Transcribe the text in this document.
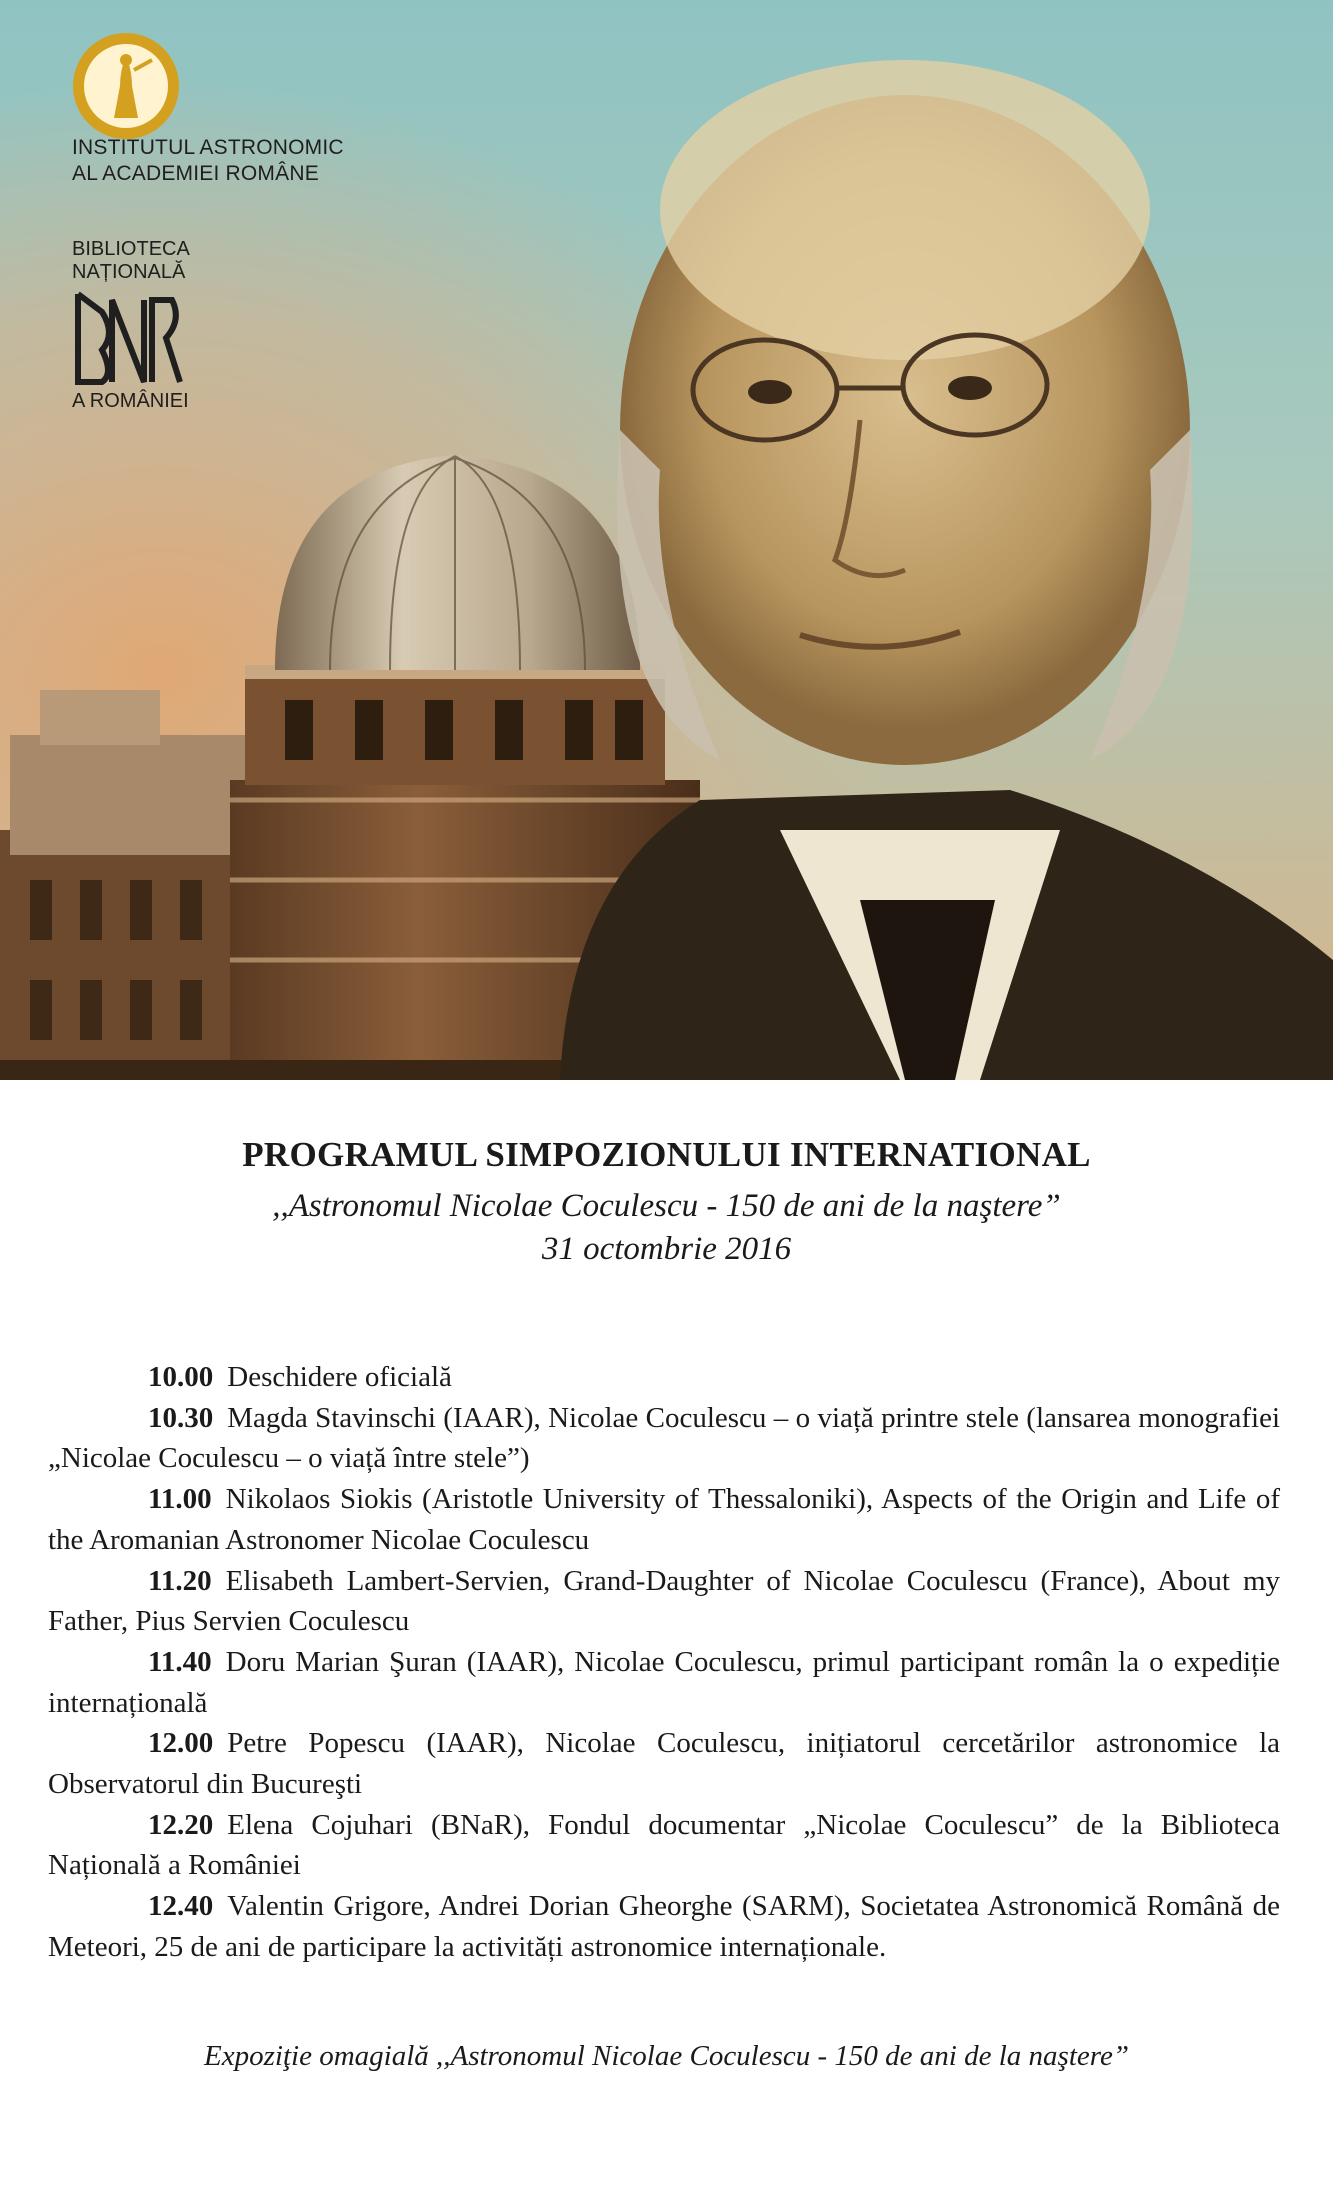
INSTITUTUL ASTRONOMIC
AL ACADEMIEI ROMÂNE
BIBLIOTECA
NAȚIONALĂ
A ROMÂNIEI
PROGRAMUL SIMPOZIONULUI INTERNATIONAL
,,Astronomul Nicolae Coculescu - 150 de ani de la naştere”
31 octombrie 2016

10.00 Deschidere oficială

10.30 Magda Stavinschi (IAAR), Nicolae Coculescu – o viață printre stele (lansarea monografiei „Nicolae Coculescu – o viață între stele”)

11.00 Nikolaos Siokis (Aristotle University of Thessaloniki), Aspects of the Origin and Life of the Aromanian Astronomer Nicolae Coculescu

11.20 Elisabeth Lambert-Servien, Grand-Daughter of Nicolae Coculescu (France), About my Father, Pius Servien Coculescu

11.40 Doru Marian Şuran (IAAR), Nicolae Coculescu, primul participant român la o expediție internațională

12.00 Petre Popescu (IAAR), Nicolae Coculescu, inițiatorul cercetărilor astronomice la Observatorul din Bucureşti

12.20 Elena Cojuhari (BNaR), Fondul documentar „Nicolae Coculescu” de la Biblioteca Națională a României

12.40 Valentin Grigore, Andrei Dorian Gheorghe (SARM), Societatea Astronomică Română de Meteori, 25 de ani de participare la activități astronomice internaționale.

Expoziţie omagială ,,Astronomul Nicolae Coculescu - 150 de ani de la naştere”
